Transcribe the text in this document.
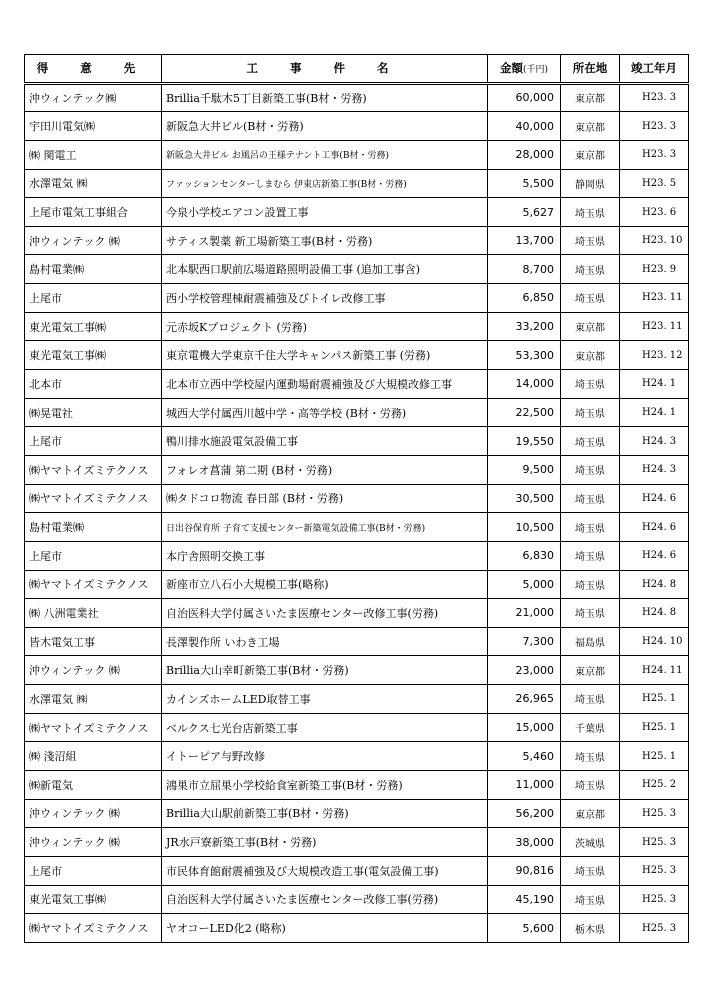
得 意 先	工 事 件 名	金額(千円)	所在地	竣工年月
沖ウィンテック㈱	Brillia千駄木5丁目新築工事(B材・労務)	60,000	東京都	H23. 3
宇田川電気㈱	新阪急大井ビル(B材・労務)	40,000	東京都	H23. 3
㈱ 関電工	新阪急大井ビル お風呂の王様テナント工事(B材・労務)	28,000	東京都	H23. 3
水澤電気 ㈱	ファッションセンターしまむら 伊東店新築工事(B材・労務)	5,500	静岡県	H23. 5
上尾市電気工事組合	今泉小学校エアコン設置工事	5,627	埼玉県	H23. 6
沖ウィンテック ㈱	サティス製薬 新工場新築工事(B材・労務)	13,700	埼玉県	H23. 10
島村電業㈱	北本駅西口駅前広場道路照明設備工事 (追加工事含)	8,700	埼玉県	H23. 9
上尾市	西小学校管理棟耐震補強及びトイレ改修工事	6,850	埼玉県	H23. 11
東光電気工事㈱	元赤坂Kプロジェクト (労務)	33,200	東京都	H23. 11
東光電気工事㈱	東京電機大学東京千住大学キャンパス新築工事 (労務)	53,300	東京都	H23. 12
北本市	北本市立西中学校屋内運動場耐震補強及び大規模改修工事	14,000	埼玉県	H24. 1
㈱晃電社	城西大学付属西川越中学・高等学校 (B材・労務)	22,500	埼玉県	H24. 1
上尾市	鴨川排水施設電気設備工事	19,550	埼玉県	H24. 3
㈱ヤマトイズミテクノス	フォレオ菖蒲 第二期 (B材・労務)	9,500	埼玉県	H24. 3
㈱ヤマトイズミテクノス	㈱タドコロ物流 春日部 (B材・労務)	30,500	埼玉県	H24. 6
島村電業㈱	日出谷保育所 子育て支援センター新築電気設備工事(B材・労務)	10,500	埼玉県	H24. 6
上尾市	本庁舎照明交換工事	6,830	埼玉県	H24. 6
㈱ヤマトイズミテクノス	新座市立八石小大規模工事(略称)	5,000	埼玉県	H24. 8
㈱ 八洲電業社	自治医科大学付属さいたま医療センター改修工事(労務)	21,000	埼玉県	H24. 8
皆木電気工事	長澤製作所 いわき工場	7,300	福島県	H24. 10
沖ウィンテック ㈱	Brillia大山幸町新築工事(B材・労務)	23,000	東京都	H24. 11
水澤電気 ㈱	カインズホームLED取替工事	26,965	埼玉県	H25. 1
㈱ヤマトイズミテクノス	ベルクス七光台店新築工事	15,000	千葉県	H25. 1
㈱ 淺沼組	イトーピア与野改修	5,460	埼玉県	H25. 1
㈱新電気	鴻巣市立屈巣小学校給食室新築工事(B材・労務)	11,000	埼玉県	H25. 2
沖ウィンテック ㈱	Brillia大山駅前新築工事(B材・労務)	56,200	東京都	H25. 3
沖ウィンテック ㈱	JR水戸寮新築工事(B材・労務)	38,000	茨城県	H25. 3
上尾市	市民体育館耐震補強及び大規模改造工事(電気設備工事)	90,816	埼玉県	H25. 3
東光電気工事㈱	自治医科大学付属さいたま医療センター改修工事(労務)	45,190	埼玉県	H25. 3
㈱ヤマトイズミテクノス	ヤオコーLED化2 (略称)	5,600	栃木県	H25. 3
